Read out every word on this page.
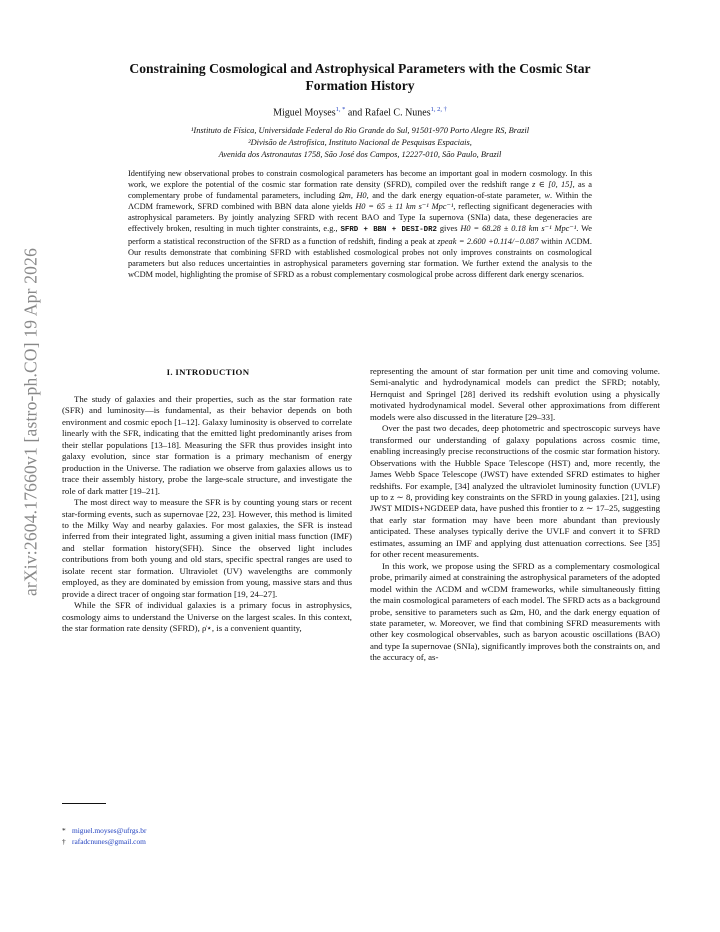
arXiv:2604.17660v1 [astro-ph.CO] 19 Apr 2026
Constraining Cosmological and Astrophysical Parameters with the Cosmic Star
Formation History
Miguel Moyses$^{1, *}$ and Rafael C. Nunes$^{1, 2, \dagger}$
¹Instituto de Física, Universidade Federal do Rio Grande do Sul, 91501-970 Porto Alegre RS, Brazil
²Divisão de Astrofísica, Instituto Nacional de Pesquisas Espaciais,
Avenida dos Astronautas 1758, São José dos Campos, 12227-010, São Paulo, Brazil
Identifying new observational probes to constrain cosmological parameters has become an important goal in modern cosmology. In this work, we explore the potential of the cosmic star formation rate density (SFRD), compiled over the redshift range z ∈ [0, 15], as a complementary probe of fundamental parameters, including Ωm, H0, and the dark energy equation-of-state parameter, w. Within the ΛCDM framework, SFRD combined with BBN data alone yields H0 = 65 ± 11 km s⁻¹ Mpc⁻¹, reflecting significant degeneracies with astrophysical parameters. By jointly analyzing SFRD with recent BAO and Type Ia supernova (SNIa) data, these degeneracies are effectively broken, resulting in much tighter constraints, e.g., SFRD + BBN + DESI-DR2 gives H0 = 68.28 ± 0.18 km s⁻¹ Mpc⁻¹. We perform a statistical reconstruction of the SFRD as a function of redshift, finding a peak at zpeak = 2.600 +0.114/−0.087 within ΛCDM. Our results demonstrate that combining SFRD with established cosmological probes not only improves constraints on cosmological parameters but also reduces uncertainties in astrophysical parameters governing star formation. We further extend the analysis to the wCDM model, highlighting the promise of SFRD as a robust complementary cosmological probe across different dark energy scenarios.
I. INTRODUCTION

The study of galaxies and their properties, such as the star formation rate (SFR) and luminosity—is fundamental, as their behavior depends on both environment and cosmic epoch [1–12]. Galaxy luminosity is observed to correlate linearly with the SFR, indicating that the emitted light predominantly arises from their stellar populations [13–18]. Measuring the SFR thus provides insight into galaxy evolution, since star formation is a primary mechanism of energy production in the Universe. The radiation we observe from galaxies allows us to trace their assembly history, probe the large-scale structure, and investigate the role of dark matter [19–21].

The most direct way to measure the SFR is by counting young stars or recent star-forming events, such as supernovae [22, 23]. However, this method is limited to the Milky Way and nearby galaxies. For most galaxies, the SFR is instead inferred from their integrated light, assuming a given initial mass function (IMF) and stellar formation history(SFH). Since the observed light includes contributions from both young and old stars, specific spectral ranges are used to isolate recent star formation. Ultraviolet (UV) wavelengths are commonly employed, as they are dominated by emission from young, massive stars and thus provide a direct tracer of ongoing star formation [19, 24–27].

While the SFR of individual galaxies is a primary focus in astrophysics, cosmology aims to understand the Universe on the largest scales. In this context, the star formation rate density (SFRD), ρ̇⋆, is a convenient quantity,

representing the amount of star formation per unit time and comoving volume. Semi-analytic and hydrodynamical models can predict the SFRD; notably, Hernquist and Springel [28] derived its redshift evolution using a physically motivated hydrodynamical model. Several other approximations from different models were also discussed in the literature [29–33].

Over the past two decades, deep photometric and spectroscopic surveys have transformed our understanding of galaxy populations across cosmic time, enabling increasingly precise reconstructions of the cosmic star formation history. Observations with the Hubble Space Telescope (HST) and, more recently, the James Webb Space Telescope (JWST) have extended SFRD estimates to higher redshifts. For example, [34] analyzed the ultraviolet luminosity function (UVLF) up to z ∼ 8, providing key constraints on the SFRD in young galaxies. [21], using JWST MIDIS+NGDEEP data, have pushed this frontier to z ∼ 17–25, suggesting that early star formation may have been more abundant than previously anticipated. These analyses typically derive the UVLF and convert it to SFRD estimates, assuming an IMF and applying dust attenuation corrections. See [35] for other recent measurements.

In this work, we propose using the SFRD as a complementary cosmological probe, primarily aimed at constraining the astrophysical parameters of the adopted model within the ΛCDM and wCDM frameworks, while simultaneously fitting the main cosmological parameters of each model. The SFRD acts as a background probe, sensitive to parameters such as Ωm, H0, and the dark energy equation of state parameter, w. Moreover, we find that combining SFRD measurements with other key cosmological observables, such as baryon acoustic oscillations (BAO) and type Ia supernovae (SNIa), significantly improves both the constraints on, and the accuracy of, as-

* miguel.moyses@ufrgs.br
† rafadcnunes@gmail.com
